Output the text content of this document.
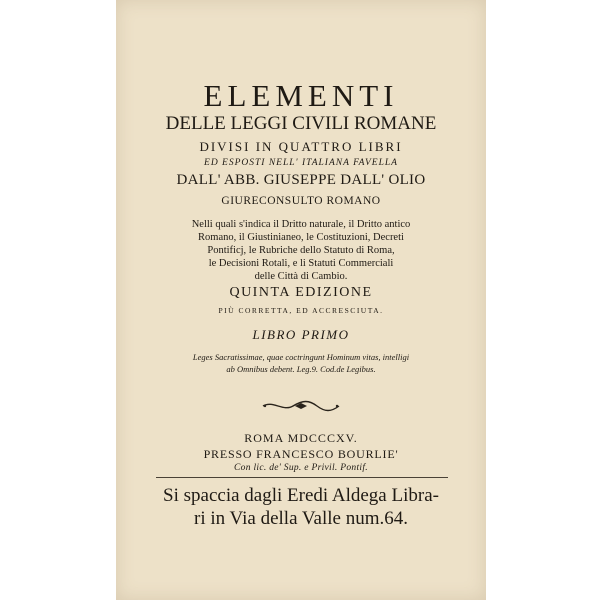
ELEMENTI
DELLE LEGGI CIVILI ROMANE
DIVISI IN QUATTRO LIBRI
ED ESPOSTI NELL' ITALIANA FAVELLA
DALL' ABB. GIUSEPPE DALL' OLIO
GIURECONSULTO ROMANO
Nelli quali s'indica il Dritto naturale, il Dritto antico
Romano, il Giustinianeo, le Costituzioni, Decreti
Pontificj, le Rubriche dello Statuto di Roma,
le Decisioni Rotali, e li Statuti Commerciali
delle Città di Cambio.
QUINTA EDIZIONE
PIÙ CORRETTA, ED ACCRESCIUTA.
LIBRO PRIMO
Leges Sacratissimae, quae coctringunt Hominum vitas, intelligi
ab Omnibus debent. Leg.9. Cod.de Legibus.
ROMA MDCCCXV.
PRESSO FRANCESCO BOURLIE'
Con lic. de' Sup. e Privil. Pontif.
Si spaccia dagli Eredi Aldega Libra-
ri in Via della Valle num.64.
